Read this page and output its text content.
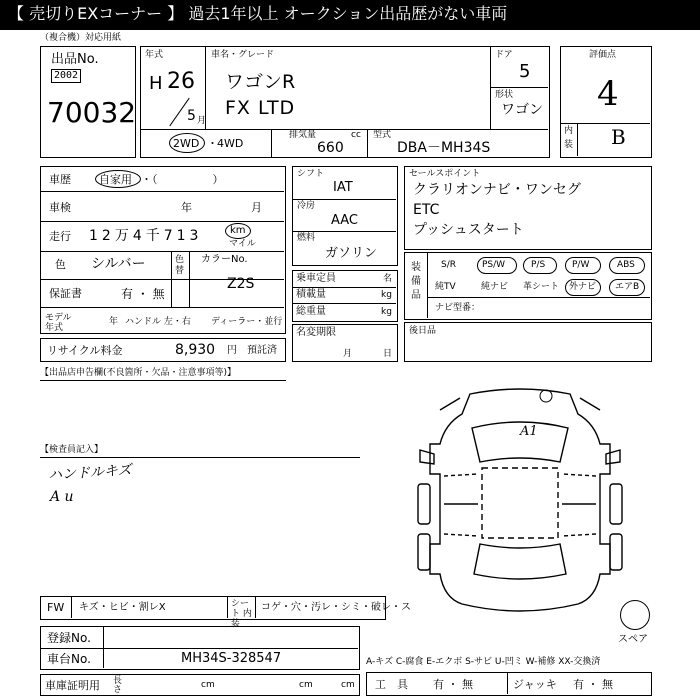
【 売切りEXコーナー 】 過去1年以上 オークション出品歴がない車両
（複合機）対応用紙
出品No.
2002
70032
年式
H 26
5 月
車名・グレード
ワゴンR
FX LTD
ドア
5
形状
ワゴン
2WD ・ 4WD
排気量	cc
660
型式
DBA－MH34S
評価点
4
内
装 B
車歴	自家用 ・（　　　　　）
車検	年	月
走行 12万4千713	km
マイル
色 シルバー	色替
カラーNo.
Z2S
保証書	有 ・ 無
モデル年式
年 ハンドル 左・右 ディーラー・並行
リサイクル料金	8,930 円 預託済
シフト
IAT
冷房
AAC
燃料
ガソリン
乗車定員	名
積載量	kg
総重量	kg
名変期限
月	日
セールスポイント
クラリオンナビ・ワンセグ
ETC
プッシュスタート
装備品
S/R	PS/W	P/S	P/W	ABS
純TV	純ナビ 革シート 外ナビ エアB
ナビ型番：
後日品
【出品店申告欄(不良箇所・欠品・注意事項等)】
【検査員記入】
ハンドルキズ
A u
A1
スペア
FW キズ・ヒビ・割レX	シート 内装
コゲ・穴・汚レ・シミ・破レ・ス
登録No.
車台No.	MH34S-328547
車庫証明用 長さ	cm	cm	cm
A-キズ C-腐食 E-エクボ S-サビ U-凹ミ W-補修 XX-交換済
工　具 有 ・ 無	ジャッキ 有 ・ 無
